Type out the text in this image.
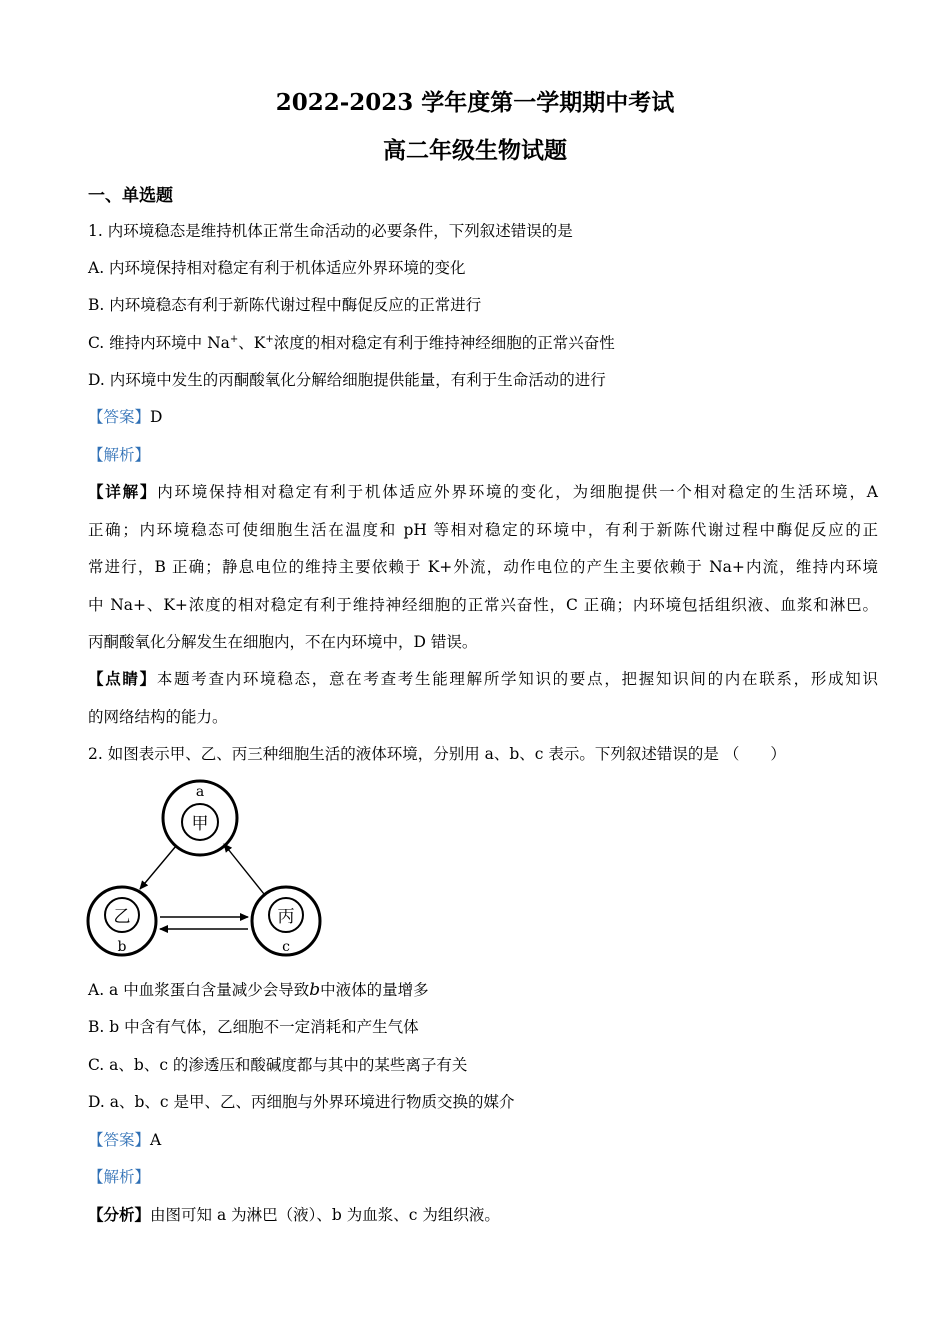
2022-2023 学年度第一学期期中考试
高二年级生物试题
一、单选题
1. 内环境稳态是维持机体正常生命活动的必要条件，下列叙述错误的是
A. 内环境保持相对稳定有利于机体适应外界环境的变化
B. 内环境稳态有利于新陈代谢过程中酶促反应的正常进行
C. 维持内环境中 Na+、K+浓度的相对稳定有利于维持神经细胞的正常兴奋性
D. 内环境中发生的丙酮酸氧化分解给细胞提供能量，有利于生命活动的进行
【答案】D
【解析】
【详解】内环境保持相对稳定有利于机体适应外界环境的变化，为细胞提供一个相对稳定的生活环境，A
正确；内环境稳态可使细胞生活在温度和 pH 等相对稳定的环境中，有利于新陈代谢过程中酶促反应的正
常进行，B 正确；静息电位的维持主要依赖于 K+外流，动作电位的产生主要依赖于 Na+内流，维持内环境
中 Na+、K+浓度的相对稳定有利于维持神经细胞的正常兴奋性，C 正确；内环境包括组织液、血浆和淋巴。
丙酮酸氧化分解发生在细胞内，不在内环境中，D 错误。
【点睛】本题考查内环境稳态，意在考查考生能理解所学知识的要点，把握知识间的内在联系，形成知识
的网络结构的能力。
2. 如图表示甲、乙、丙三种细胞生活的液体环境，分别用 a、b、c 表示。下列叙述错误的是 （　　）
a
甲
乙
b
丙
c
A. a 中血浆蛋白含量减少会导致b中液体的量增多
B. b 中含有气体，乙细胞不一定消耗和产生气体
C. a、b、c 的渗透压和酸碱度都与其中的某些离子有关
D. a、b、c 是甲、乙、丙细胞与外界环境进行物质交换的媒介
【答案】A
【解析】
【分析】由图可知 a 为淋巴（液）、b 为血浆、c 为组织液。
